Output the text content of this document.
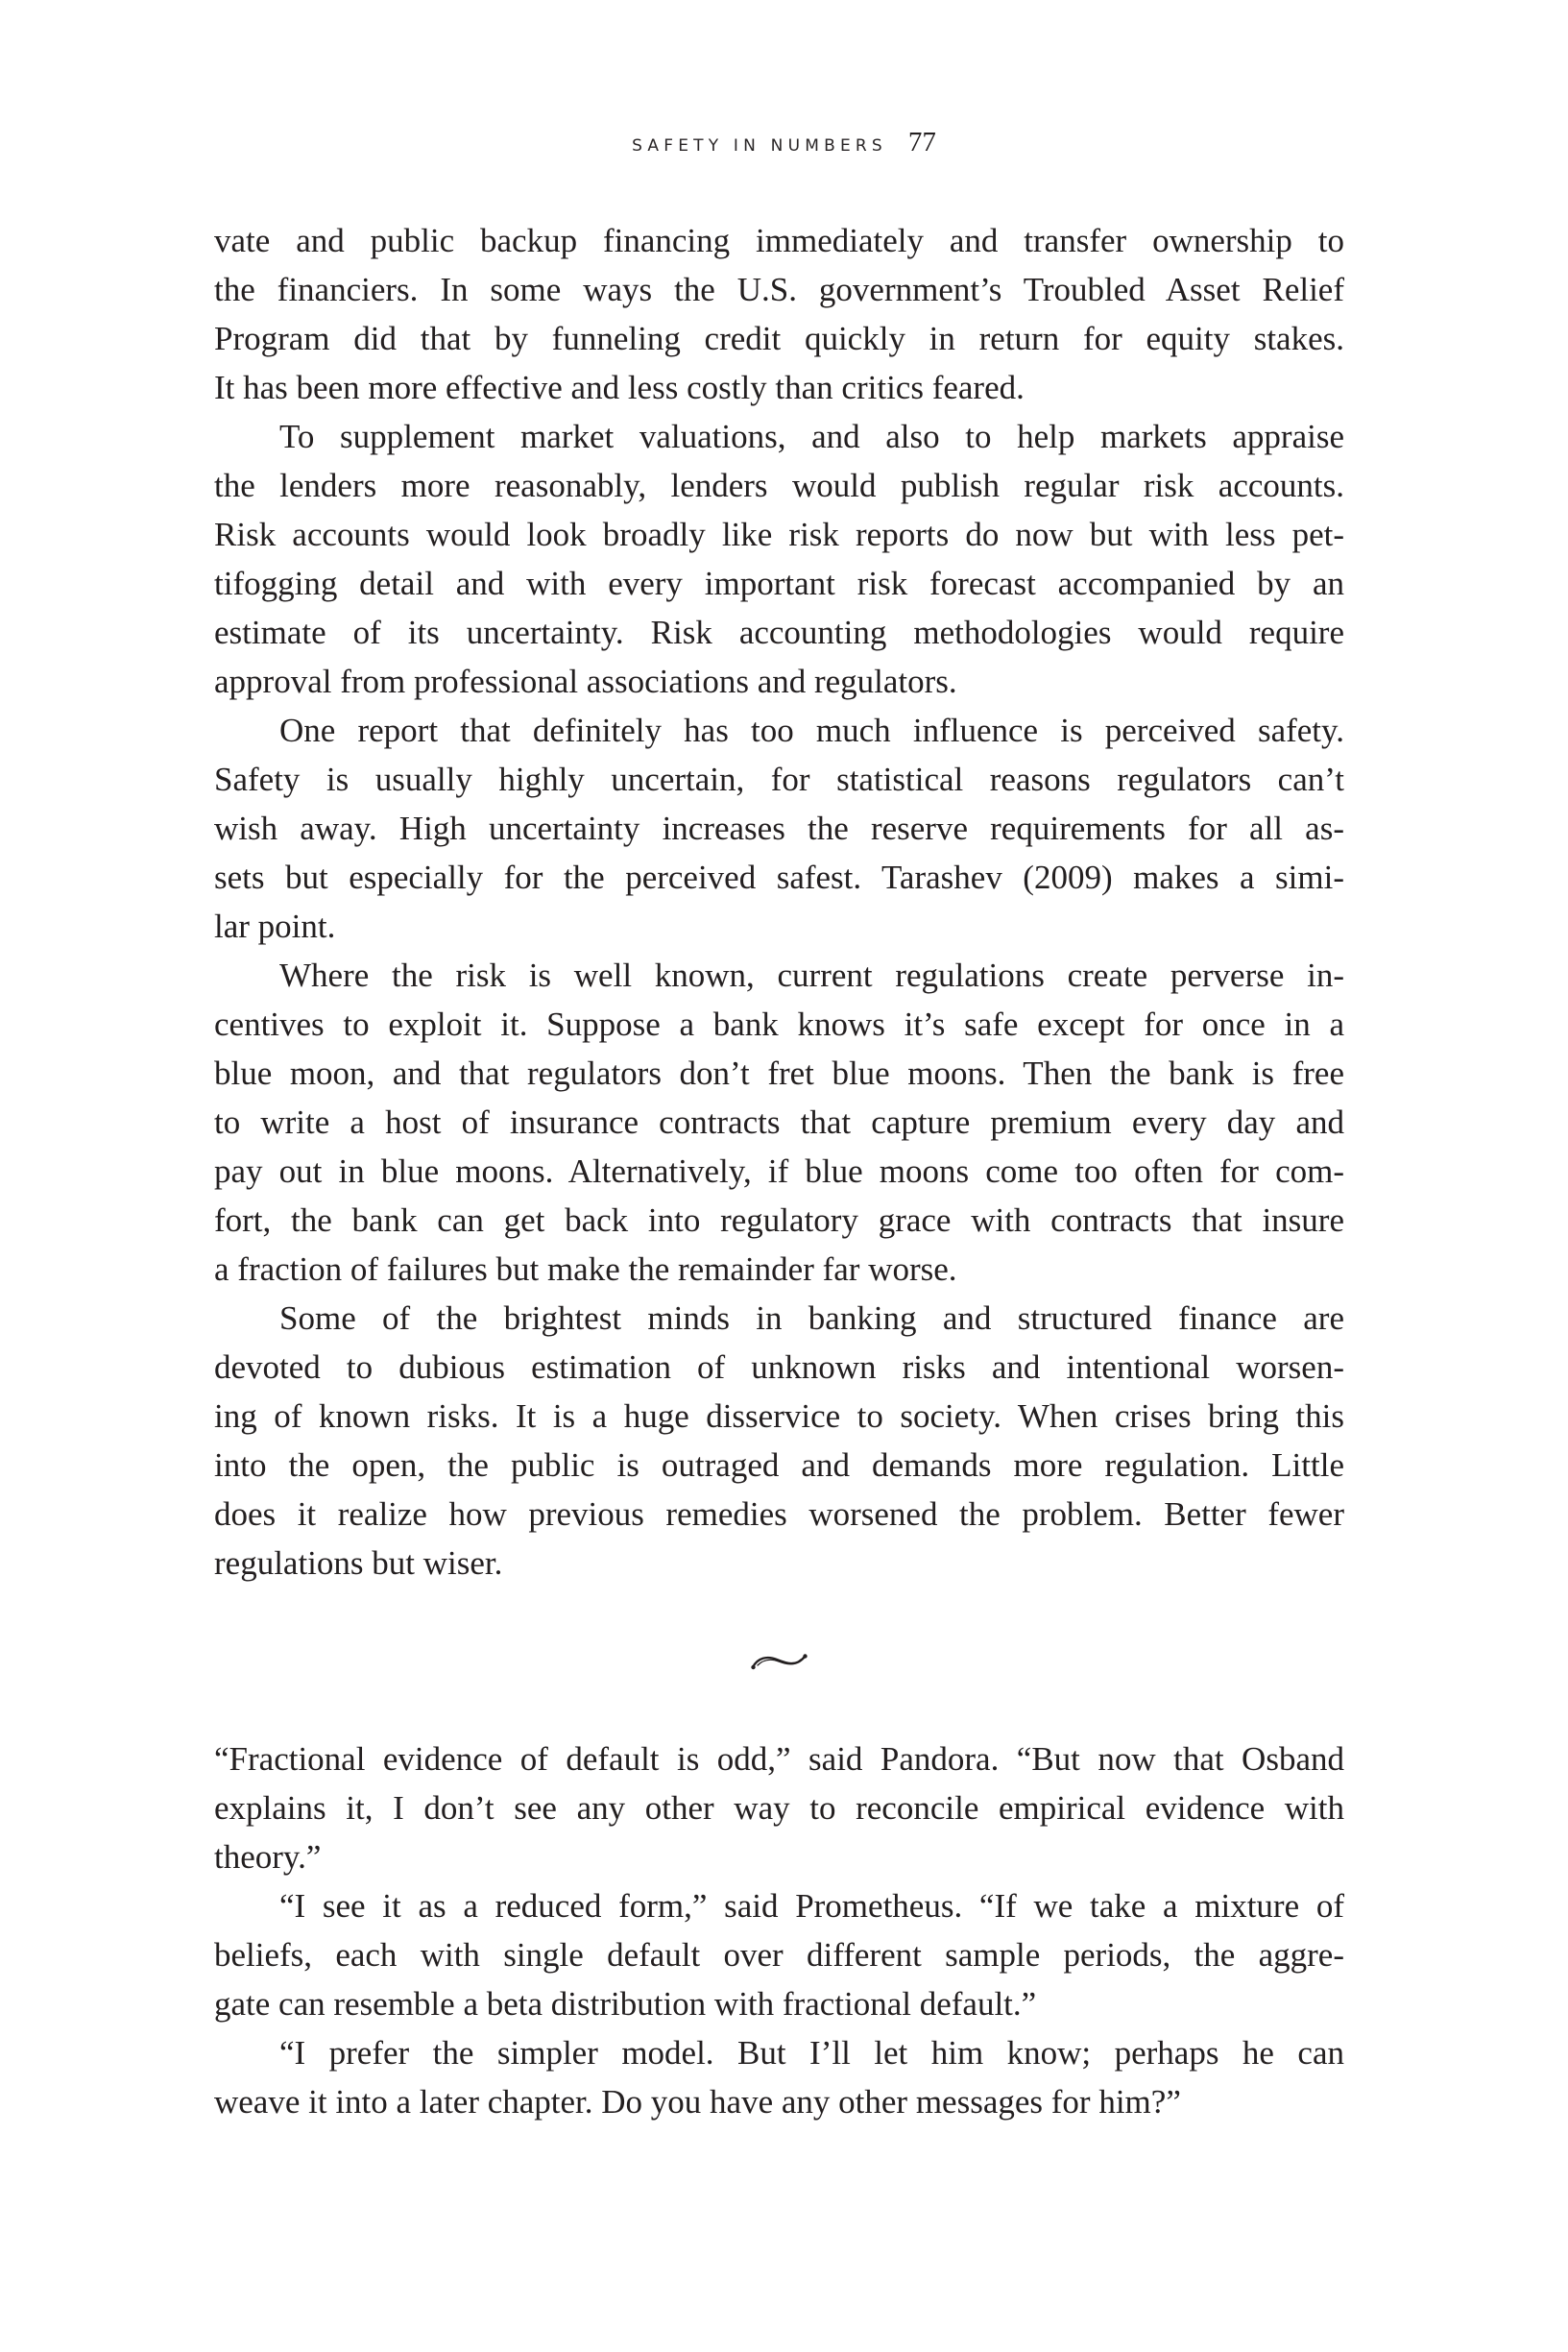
SAFETY IN NUMBERS 77

vate and public backup financing immediately and transfer ownership to
the financiers. In some ways the U.S. government’s Troubled Asset Relief
Program did that by funneling credit quickly in return for equity stakes.
It has been more effective and less costly than critics feared.

To supplement market valuations, and also to help markets appraise
the lenders more reasonably, lenders would publish regular risk accounts.
Risk accounts would look broadly like risk reports do now but with less pet-
tifogging detail and with every important risk forecast accompanied by an
estimate of its uncertainty. Risk accounting methodologies would require
approval from professional associations and regulators.

One report that definitely has too much influence is perceived safety.
Safety is usually highly uncertain, for statistical reasons regulators can’t
wish away. High uncertainty increases the reserve requirements for all as-
sets but especially for the perceived safest. Tarashev (2009) makes a simi-
lar point.

Where the risk is well known, current regulations create perverse in-
centives to exploit it. Suppose a bank knows it’s safe except for once in a
blue moon, and that regulators don’t fret blue moons. Then the bank is free
to write a host of insurance contracts that capture premium every day and
pay out in blue moons. Alternatively, if blue moons come too often for com-
fort, the bank can get back into regulatory grace with contracts that insure
a fraction of failures but make the remainder far worse.

Some of the brightest minds in banking and structured finance are
devoted to dubious estimation of unknown risks and intentional worsen-
ing of known risks. It is a huge disservice to society. When crises bring this
into the open, the public is outraged and demands more regulation. Little
does it realize how previous remedies worsened the problem. Better fewer
regulations but wiser.

“Fractional evidence of default is odd,” said Pandora. “But now that Osband
explains it, I don’t see any other way to reconcile empirical evidence with
theory.”

“I see it as a reduced form,” said Prometheus. “If we take a mixture of
beliefs, each with single default over different sample periods, the aggre-
gate can resemble a beta distribution with fractional default.”

“I prefer the simpler model. But I’ll let him know; perhaps he can
weave it into a later chapter. Do you have any other messages for him?”
